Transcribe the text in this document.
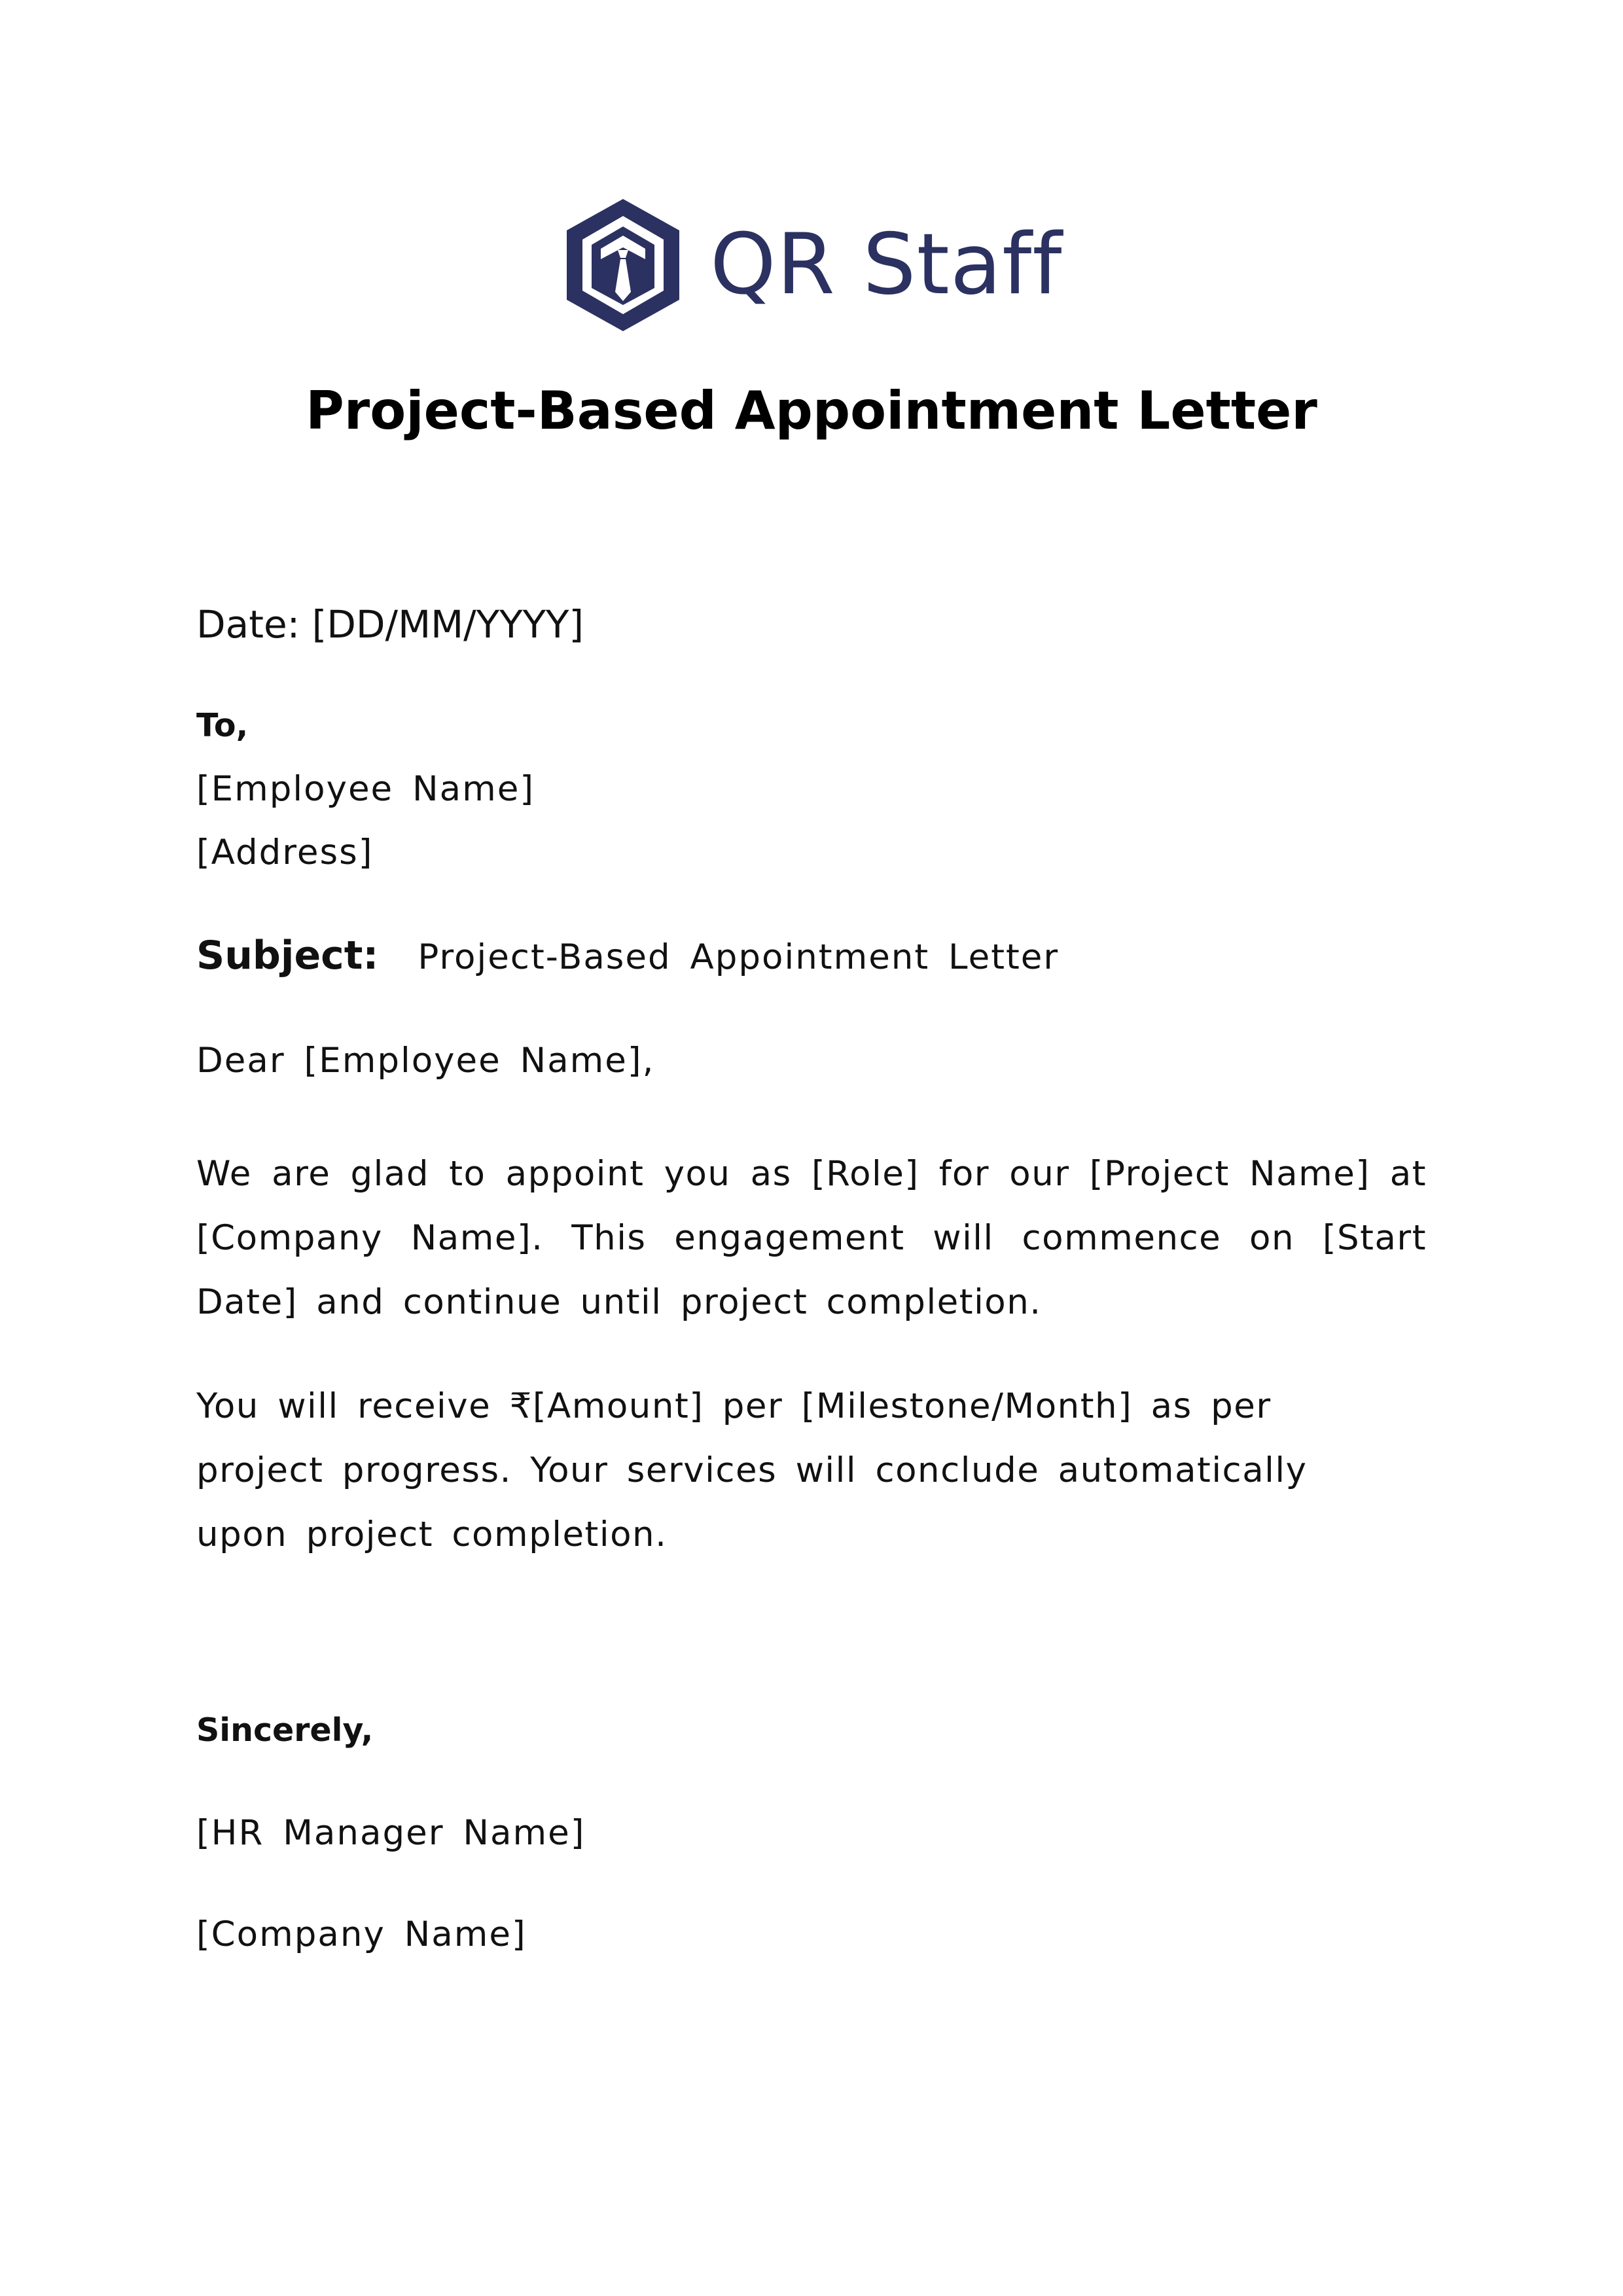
QR Staff
Project-Based Appointment Letter

Date: [DD/MM/YYYY]

To,

[Employee Name]

[Address]

Subject: Project-Based Appointment Letter

Dear [Employee Name],

We are glad to appoint you as [Role] for our [Project Name] at [Company Name]. This engagement will commence on [Start Date] and continue until project completion.

You will receive ₹[Amount] per [Milestone/Month] as per project progress. Your services will conclude automatically upon project completion.

Sincerely,

[HR Manager Name]

[Company Name]
